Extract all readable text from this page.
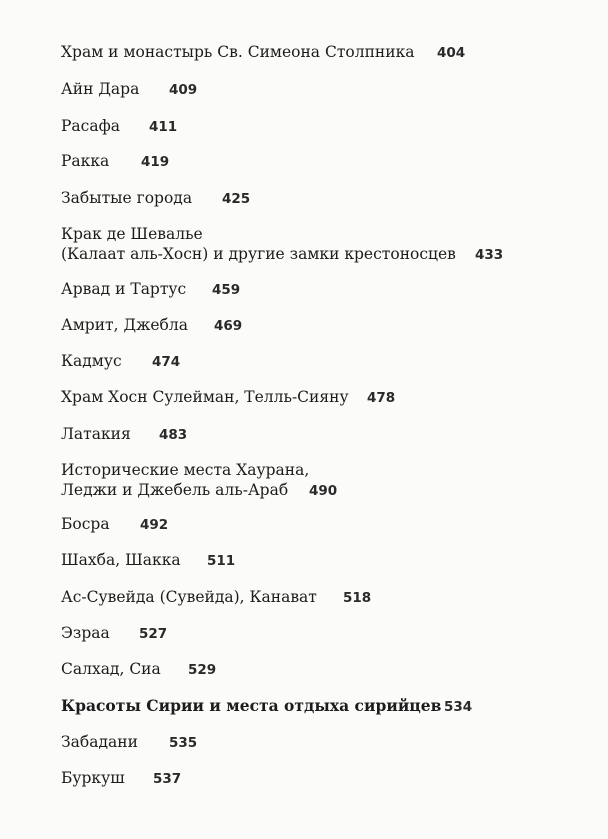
Храм и монастырь Св. Симеона Столпника	404
Айн Дара	409
Расафа	411
Ракка	419
Забытые города	425
Крак де Шевалье
(Калаат аль-Хосн) и другие замки крестоносцев	433
Арвад и Тартус	459
Амрит, Джебла	469
Кадмус	474
Храм Хосн Сулейман, Телль-Сияну	478
Латакия	483
Исторические места Хаурана,
Леджи и Джебель аль-Араб	490
Босра	492
Шахба, Шакка	511
Ас-Сувейда (Сувейда), Канават	518
Эзраа	527
Салхад, Сиа	529
Красоты Сирии и места отдыха сирийцев 534
Забадани	535
Буркуш	537
